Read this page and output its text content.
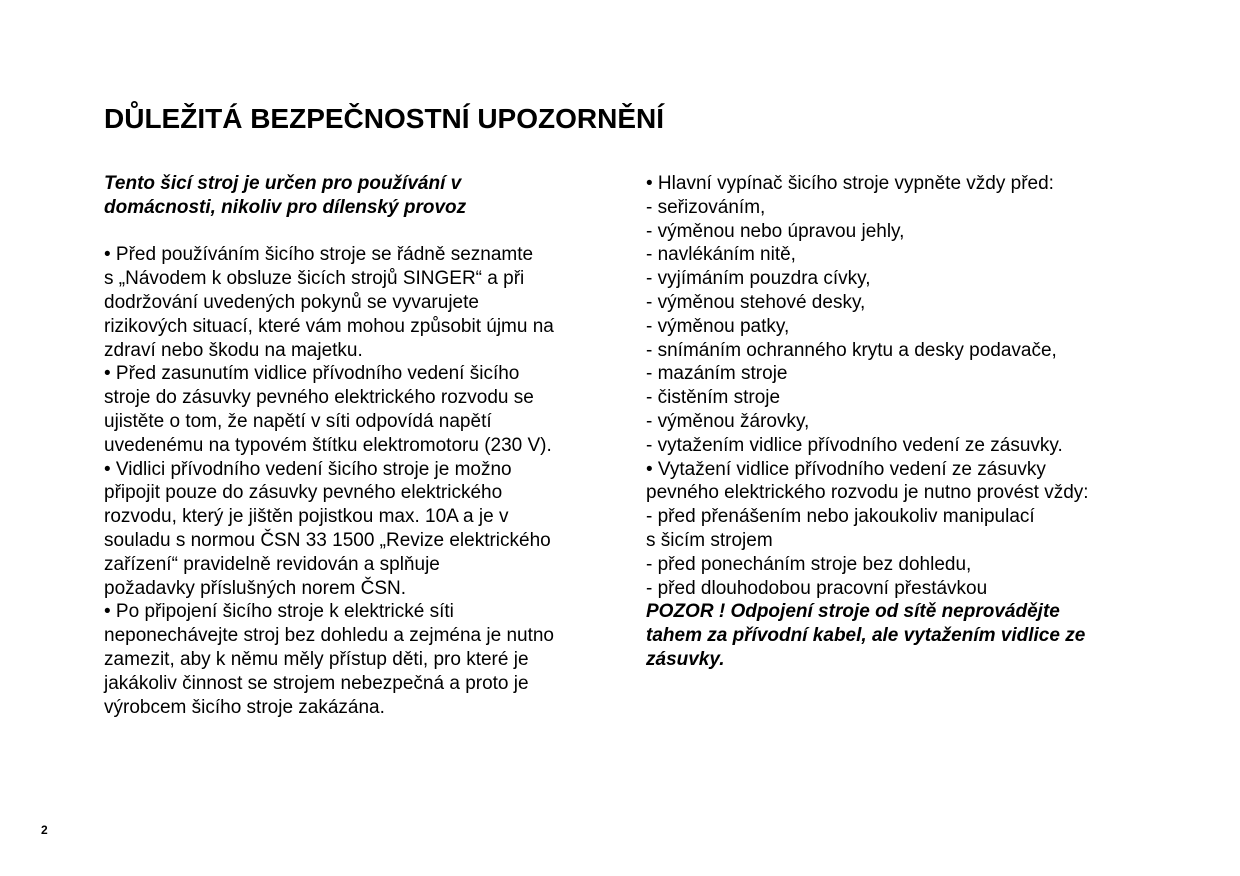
DŮLEŽITÁ BEZPEČNOSTNÍ UPOZORNĚNÍ
Tento šicí stroj je určen pro používání v
domácnosti, nikoliv pro dílenský provoz
• Před používáním šicího stroje se řádně seznamte
s „Návodem k obsluze šicích strojů SINGER“ a při
dodržování uvedených pokynů se vyvarujete
rizikových situací, které vám mohou způsobit újmu na
zdraví nebo škodu na majetku.
• Před zasunutím vidlice přívodního vedení šicího
stroje do zásuvky pevného elektrického rozvodu se
ujistěte o tom, že napětí v síti odpovídá napětí
uvedenému na typovém štítku elektromotoru (230 V).
• Vidlici přívodního vedení šicího stroje je možno
připojit pouze do zásuvky pevného elektrického
rozvodu, který je jištěn pojistkou max. 10A a je v
souladu s normou ČSN 33 1500 „Revize elektrického
zařízení“ pravidelně revidován a splňuje
požadavky příslušných norem ČSN.
• Po připojení šicího stroje k elektrické síti
neponechávejte stroj bez dohledu a zejména je nutno
zamezit, aby k němu měly přístup děti, pro které je
jakákoliv činnost se strojem nebezpečná a proto je
výrobcem šicího stroje zakázána.
• Hlavní vypínač šicího stroje vypněte vždy před:
- seřizováním,
- výměnou nebo úpravou jehly,
- navlékáním nitě,
- vyjímáním pouzdra cívky,
- výměnou stehové desky,
- výměnou patky,
- snímáním ochranného krytu a desky podavače,
- mazáním stroje
- čistěním stroje
- výměnou žárovky,
- vytažením vidlice přívodního vedení ze zásuvky.
• Vytažení vidlice přívodního vedení ze zásuvky
pevného elektrického rozvodu je nutno provést vždy:
- před přenášením nebo jakoukoliv manipulací
s šicím strojem
- před ponecháním stroje bez dohledu,
- před dlouhodobou pracovní přestávkou
POZOR ! Odpojení stroje od sítě neprovádějte
tahem za přívodní kabel, ale vytažením vidlice ze
zásuvky.
2
